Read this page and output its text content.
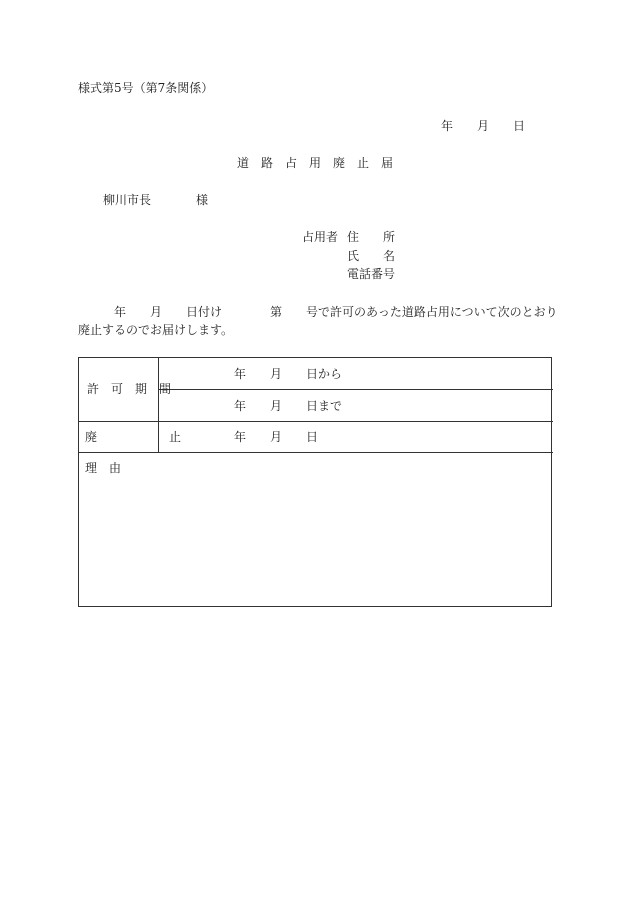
様式第5号（第7条関係）
年　　月　　日
道　路　占　用　廃　止　届
柳川市長	様
占用者 住　　所
氏　　名
電話番号
　　　年　　月　　日付け　　　　第　　号で許可のあった道路占用について次のとおり
廃止するのでお届けします。
許　可　期　間
年　　月　　日から
年　　月　　日まで
廃　　　　　　止	年　　月　　日
理　由
